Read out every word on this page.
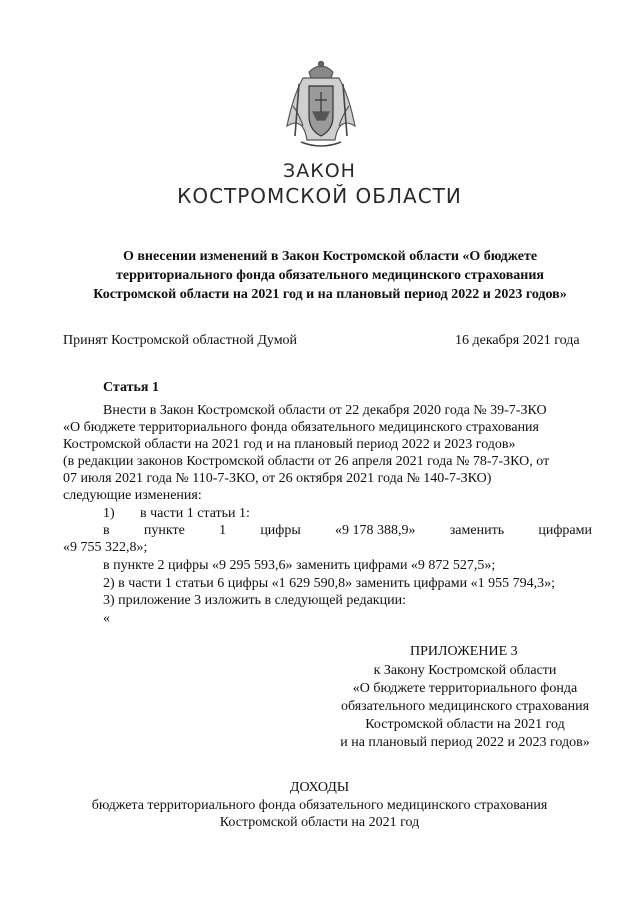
ЗАКОН
КОСТРОМСКОЙ ОБЛАСТИ
О внесении изменений в Закон Костромской области «О бюджете
территориального фонда обязательного медицинского страхования
Костромской области на 2021 год и на плановый период 2022 и 2023 годов»
Принят Костромской областной Думой	16 декабря 2021 года
Статья 1
Внести в Закон Костромской области от 22 декабря 2020 года № 39-7-ЗКО
«О бюджете территориального фонда обязательного медицинского страхования
Костромской области на 2021 год и на плановый период 2022 и 2023 годов»
(в редакции законов Костромской области от 26 апреля 2021 года № 78-7-ЗКО, от
07 июля 2021 года № 110-7-ЗКО, от 26 октября 2021 года № 140-7-ЗКО)
следующие изменения:
1) в части 1 статьи 1:
в пункте 1 цифры «9 178 388,9» заменить цифрами
«9 755 322,8»;
в пункте 2 цифры «9 295 593,6» заменить цифрами «9 872 527,5»;
2) в части 1 статьи 6 цифры «1 629 590,8» заменить цифрами «1 955 794,3»;
3) приложение 3 изложить в следующей редакции:
«
ПРИЛОЖЕНИЕ 3
к Закону Костромской области
«О бюджете территориального фонда
обязательного медицинского страхования
Костромской области на 2021 год
и на плановый период 2022 и 2023 годов»
ДОХОДЫ
бюджета территориального фонда обязательного медицинского страхования
Костромской области на 2021 год
